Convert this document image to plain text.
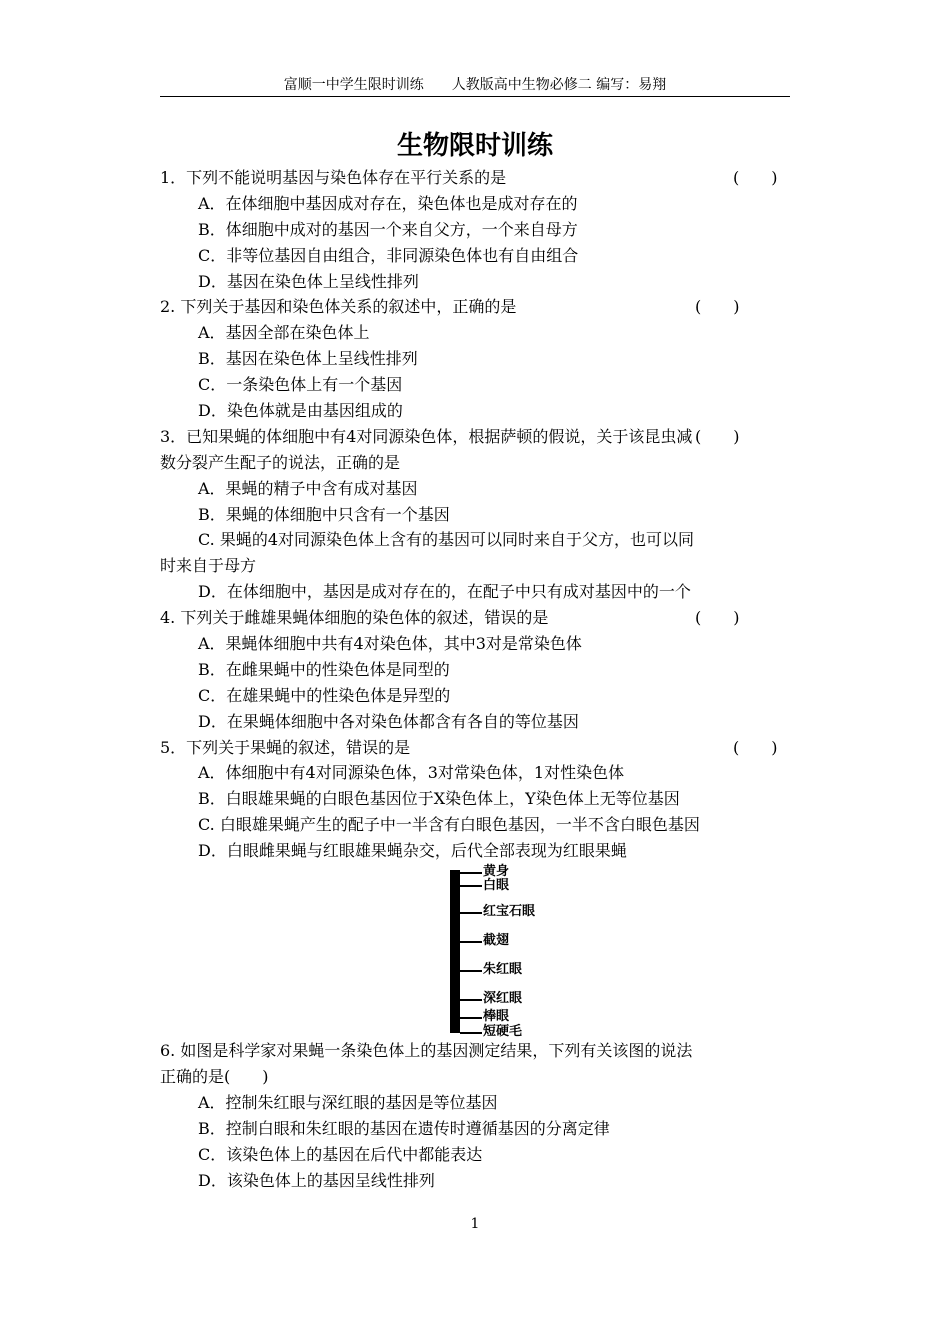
富顺一中学生限时训练　　人教版高中生物必修二 编写：易翔
生物限时训练
1．下列不能说明基因与染色体存在平行关系的是	(　　)
A．在体细胞中基因成对存在，染色体也是成对存在的
B．体细胞中成对的基因一个来自父方，一个来自母方
C．非等位基因自由组合，非同源染色体也有自由组合
D．基因在染色体上呈线性排列
2. 下列关于基因和染色体关系的叙述中，正确的是	(　　)
A．基因全部在染色体上
B．基因在染色体上呈线性排列
C．一条染色体上有一个基因
D．染色体就是由基因组成的
3．已知果蝇的体细胞中有4对同源染色体，根据萨顿的假说，关于该昆虫减
数分裂产生配子的说法，正确的是
(　　)
A．果蝇的精子中含有成对基因
B．果蝇的体细胞中只含有一个基因
C. 果蝇的4对同源染色体上含有的基因可以同时来自于父方，也可以同
时来自于母方
D．在体细胞中，基因是成对存在的，在配子中只有成对基因中的一个
4. 下列关于雌雄果蝇体细胞的染色体的叙述，错误的是	(　　)
A．果蝇体细胞中共有4对染色体，其中3对是常染色体
B．在雌果蝇中的性染色体是同型的
C．在雄果蝇中的性染色体是异型的
D．在果蝇体细胞中各对染色体都含有各自的等位基因
5．下列关于果蝇的叙述，错误的是	(　　)
A．体细胞中有4对同源染色体，3对常染色体，1对性染色体
B．白眼雄果蝇的白眼色基因位于X染色体上，Y染色体上无等位基因
C. 白眼雄果蝇产生的配子中一半含有白眼色基因，一半不含白眼色基因
D．白眼雌果蝇与红眼雄果蝇杂交，后代全部表现为红眼果蝇
黄身
白眼
红宝石眼
截翅
朱红眼
深红眼
棒眼
短硬毛
6. 如图是科学家对果蝇一条染色体上的基因测定结果，下列有关该图的说法
正确的是(　　)
A．控制朱红眼与深红眼的基因是等位基因
B．控制白眼和朱红眼的基因在遗传时遵循基因的分离定律
C．该染色体上的基因在后代中都能表达
D．该染色体上的基因呈线性排列
1
